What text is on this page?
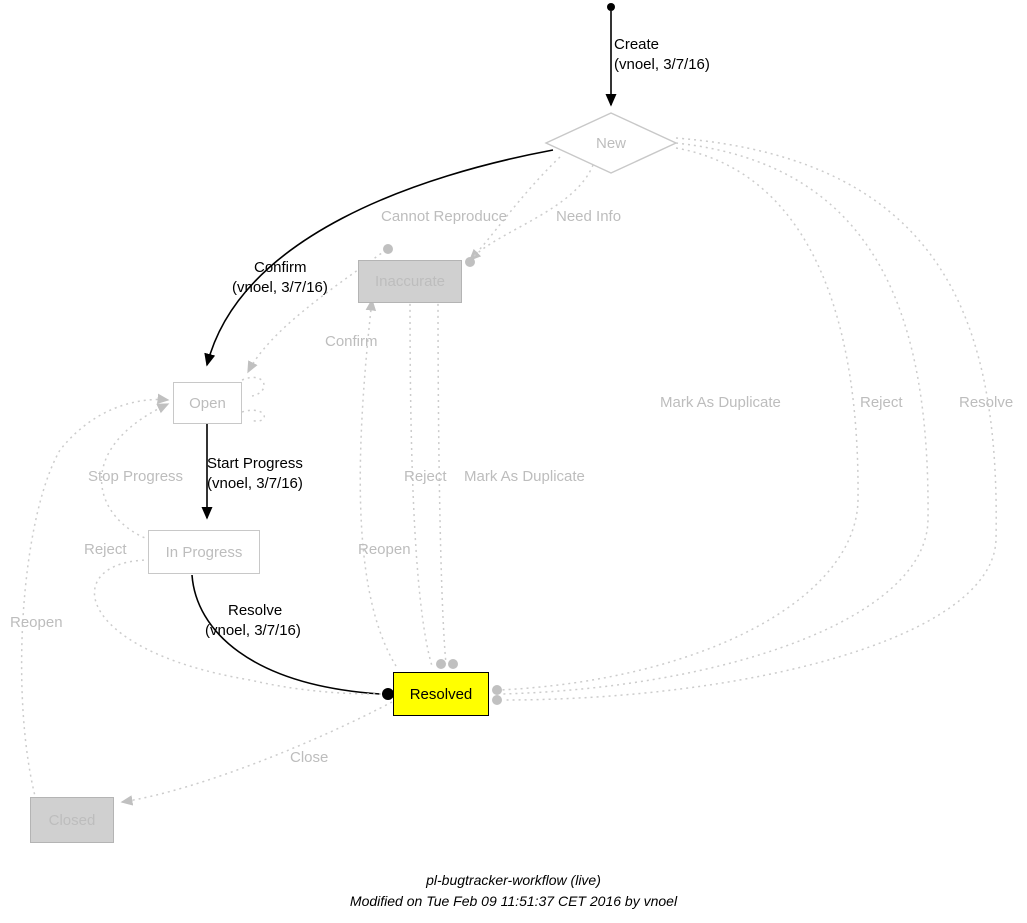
New
Inaccurate
Open
In Progress
Resolved
Closed
Create
(vnoel, 3/7/16)
Confirm
(vnoel, 3/7/16)
Start Progress
(vnoel, 3/7/16)
Resolve
(vnoel, 3/7/16)
Cannot Reproduce	Need Info
Confirm
Mark As Duplicate	Reject	Resolve
Stop Progress	Reject Mark As Duplicate
Reject	Reopen
Reopen
Close
pl-bugtracker-workflow (live)
Modified on Tue Feb 09 11:51:37 CET 2016 by vnoel
